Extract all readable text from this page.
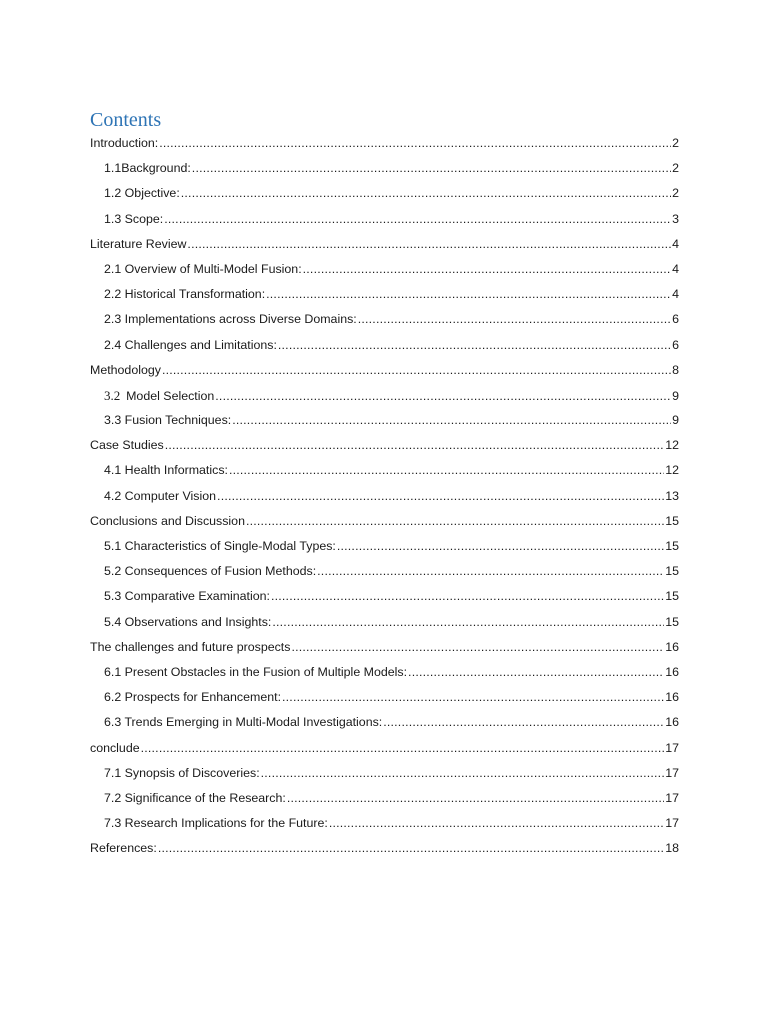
Contents
Introduction: .....	2
1.1Background: .....	2
1.2 Objective: .....	2
1.3 Scope: .....	3
Literature Review .....	4
2.1 Overview of Multi-Model Fusion: .....	4
2.2 Historical Transformation: .....	4
2.3 Implementations across Diverse Domains: .....	6
2.4 Challenges and Limitations: .....	6
Methodology .....	8
3.2 Model Selection .....	9
3.3 Fusion Techniques: .....	9
Case Studies .....	12
4.1 Health Informatics: .....	12
4.2 Computer Vision .....	13
Conclusions and Discussion .....	15
5.1 Characteristics of Single-Modal Types: .....	15
5.2 Consequences of Fusion Methods: .....	15
5.3 Comparative Examination: .....	15
5.4 Observations and Insights: .....	15
The challenges and future prospects .....	16
6.1 Present Obstacles in the Fusion of Multiple Models: .....	16
6.2 Prospects for Enhancement: .....	16
6.3 Trends Emerging in Multi-Modal Investigations: .....	16
conclude .....	17
7.1 Synopsis of Discoveries: .....	17
7.2 Significance of the Research: .....	17
7.3 Research Implications for the Future: .....	17
References: .....	18
